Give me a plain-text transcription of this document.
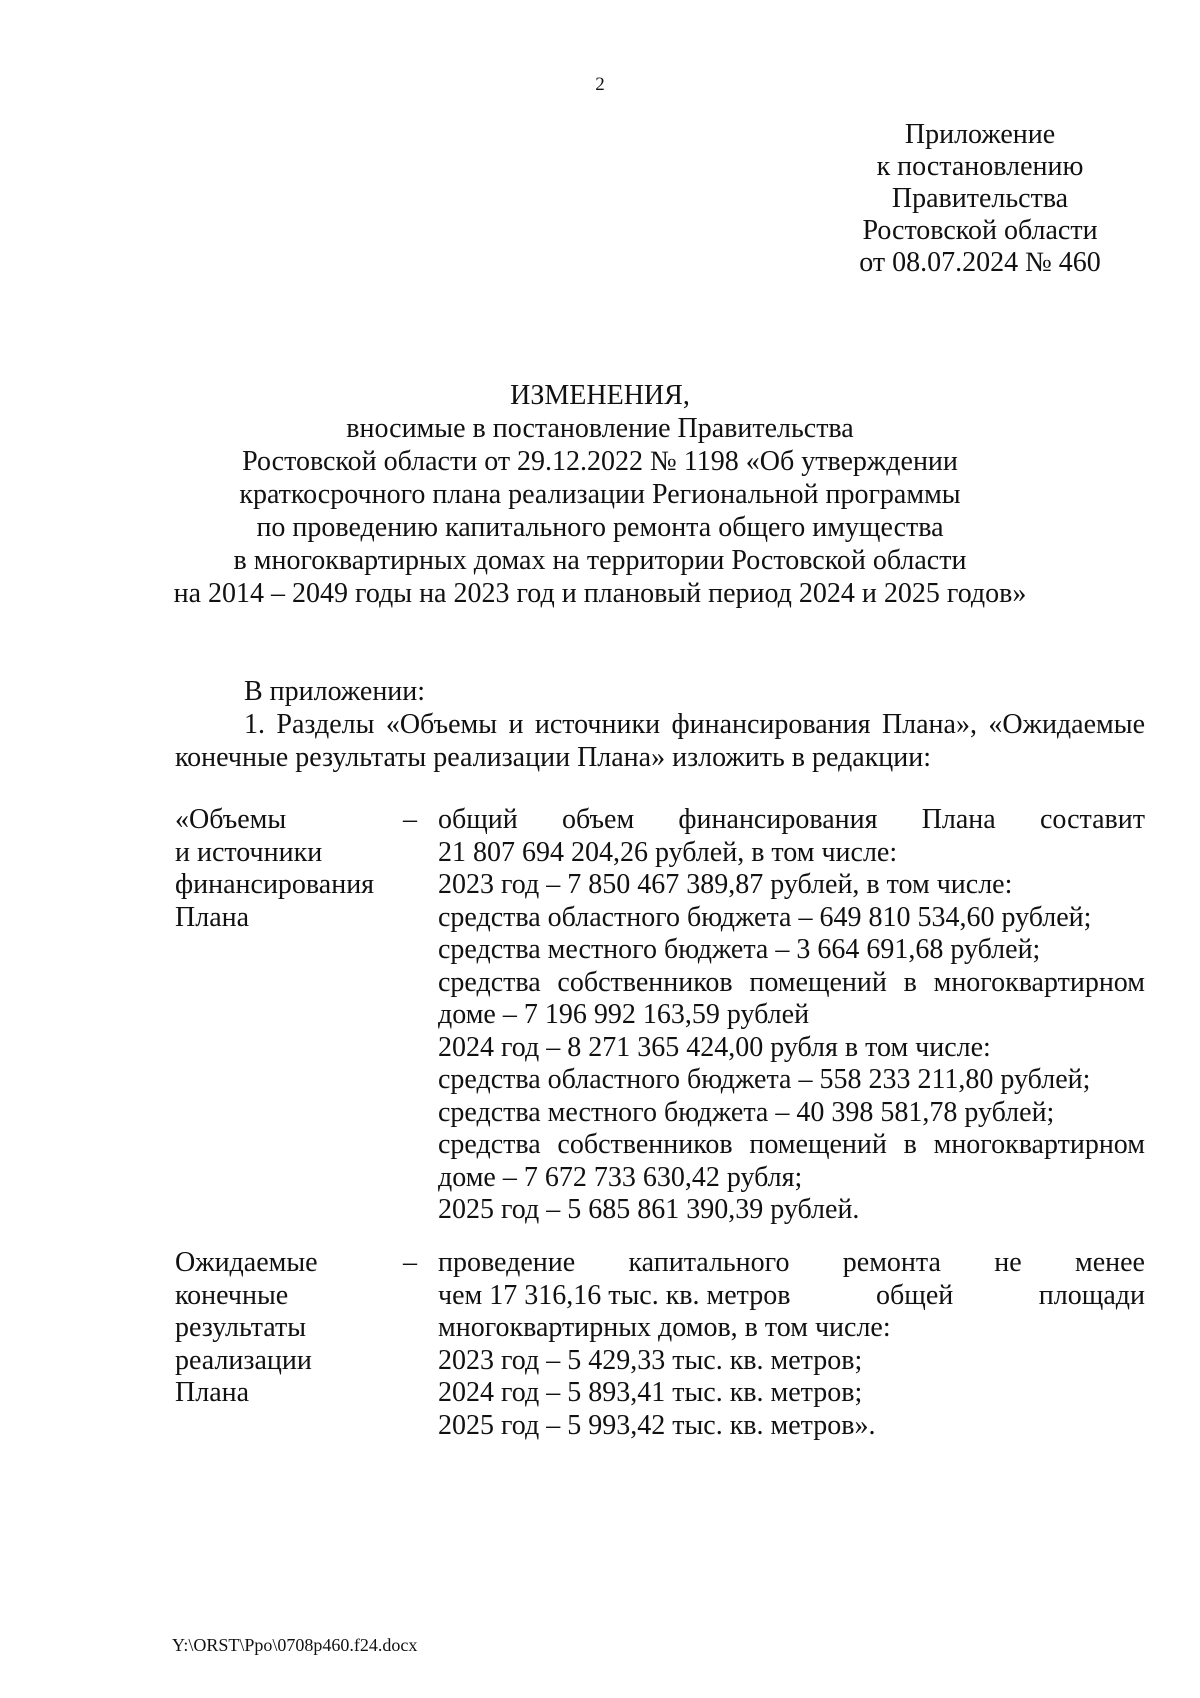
2
Приложение
к постановлению
Правительства
Ростовской области
от 08.07.2024 № 460
ИЗМЕНЕНИЯ,
вносимые в постановление Правительства
Ростовской области от 29.12.2022 № 1198 «Об утверждении
краткосрочного плана реализации Региональной программы
по проведению капитального ремонта общего имущества
в многоквартирных домах на территории Ростовской области
на 2014 – 2049 годы на 2023 год и плановый период 2024 и 2025 годов»
В приложении:
1. Разделы «Объемы и источники финансирования Плана», «Ожидаемые конечные результаты реализации Плана» изложить в редакции:
«Объемы
и источники
финансирования
Плана
– общий объем финансирования Плана составит
21 807 694 204,26 рублей, в том числе:
2023 год – 7 850 467 389,87 рублей, в том числе:
средства областного бюджета – 649 810 534,60 рублей;
средства местного бюджета – 3 664 691,68 рублей;
средства собственников помещений в многоквартирном
доме – 7 196 992 163,59 рублей
2024 год – 8 271 365 424,00 рубля в том числе:
средства областного бюджета – 558 233 211,80 рублей;
средства местного бюджета – 40 398 581,78 рублей;
средства собственников помещений в многоквартирном
доме – 7 672 733 630,42 рубля;
2025 год – 5 685 861 390,39 рублей.
Ожидаемые
конечные
результаты
реализации
Плана
– проведение капитального ремонта не менее
чем 17 316,16 тыс. кв. метров	общей	площади
многоквартирных домов, в том числе:
2023 год – 5 429,33 тыс. кв. метров;
2024 год – 5 893,41 тыс. кв. метров;
2025 год – 5 993,42 тыс. кв. метров».
Y:\ORST\Ppo\0708p460.f24.docx
